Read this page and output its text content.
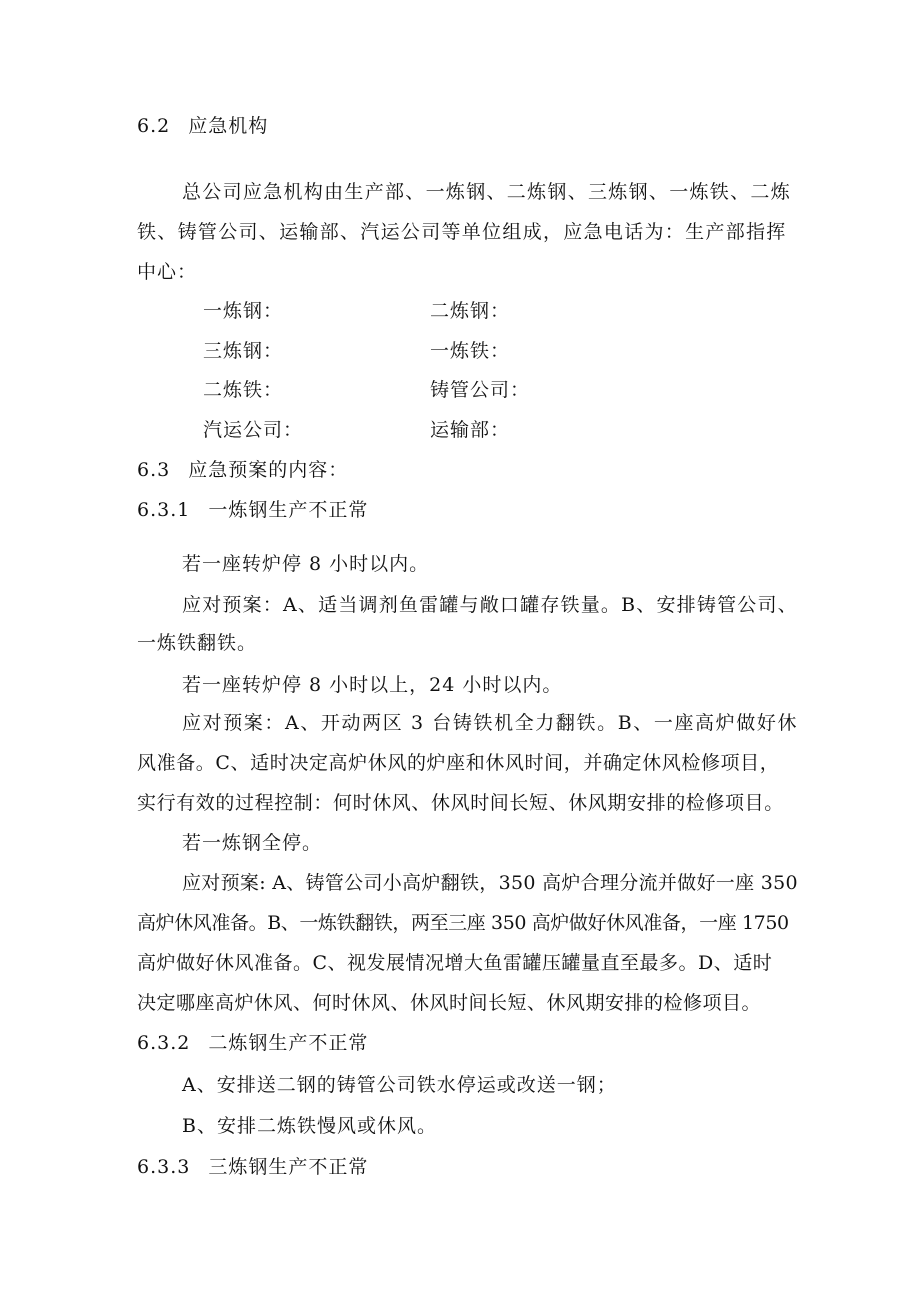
6.2 应急机构
总公司应急机构由生产部、一炼钢、二炼钢、三炼钢、一炼铁、二炼
铁、铸管公司、运输部、汽运公司等单位组成，应急电话为：生产部指挥
中心：
一炼钢：	二炼钢：
三炼钢：	一炼铁：
二炼铁：	铸管公司：
汽运公司：	运输部：
6.3 应急预案的内容：
6.3.1 一炼钢生产不正常
若一座转炉停 8 小时以内。
应对预案：A、适当调剂鱼雷罐与敞口罐存铁量。B、安排铸管公司、
一炼铁翻铁。
若一座转炉停 8 小时以上，24 小时以内。
应对预案：A、开动两区 3 台铸铁机全力翻铁。B、一座高炉做好休
风准备。C、适时决定高炉休风的炉座和休风时间，并确定休风检修项目，
实行有效的过程控制：何时休风、休风时间长短、休风期安排的检修项目。
若一炼钢全停。
应对预案: A、铸管公司小高炉翻铁，350 高炉合理分流并做好一座 350
高炉休风准备。B、一炼铁翻铁，两至三座 350 高炉做好休风准备，一座 1750
高炉做好休风准备。C、视发展情况增大鱼雷罐压罐量直至最多。D、适时
决定哪座高炉休风、何时休风、休风时间长短、休风期安排的检修项目。
6.3.2 二炼钢生产不正常
A、安排送二钢的铸管公司铁水停运或改送一钢；
B、安排二炼铁慢风或休风。
6.3.3 三炼钢生产不正常
